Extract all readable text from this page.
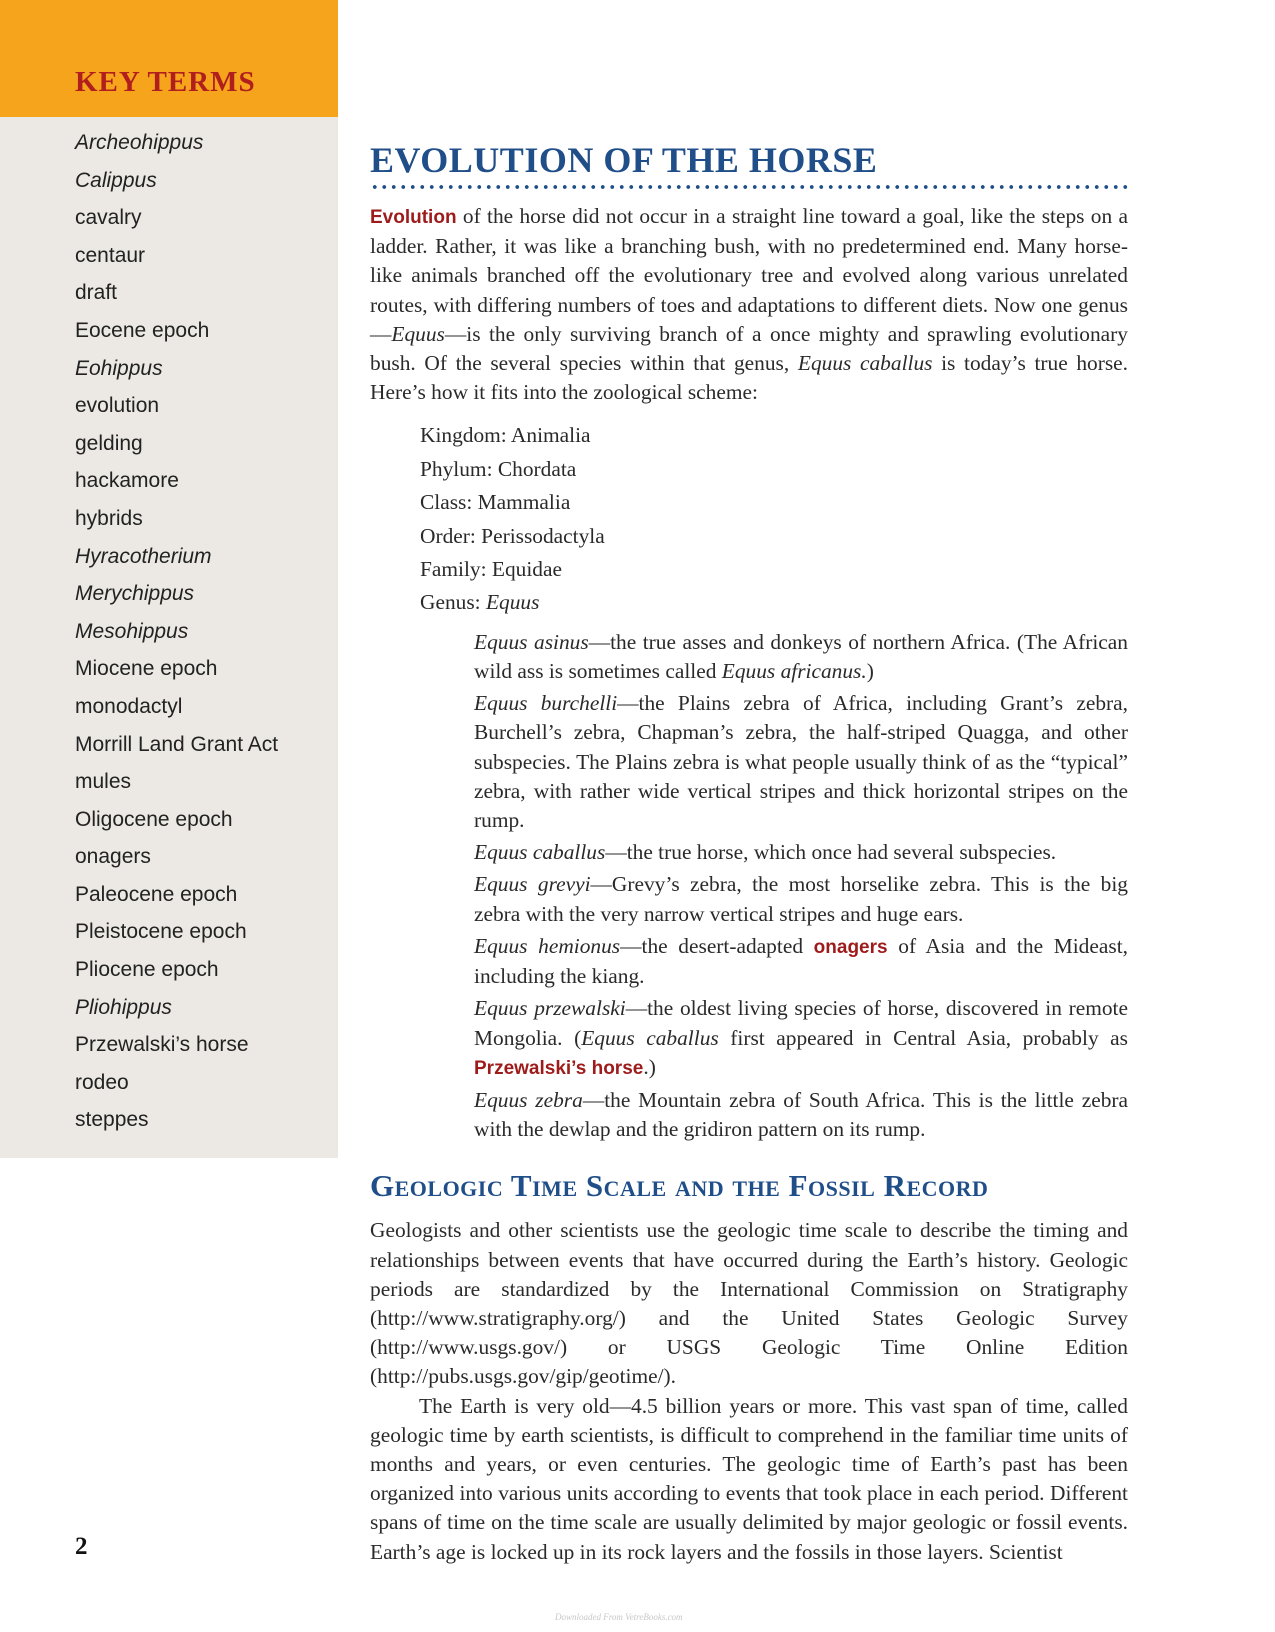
KEY TERMS
Archeohippus
Calippus
cavalry
centaur
draft
Eocene epoch
Eohippus
evolution
gelding
hackamore
hybrids
Hyracotherium
Merychippus
Mesohippus
Miocene epoch
monodactyl
Morrill Land Grant Act
mules
Oligocene epoch
onagers
Paleocene epoch
Pleistocene epoch
Pliocene epoch
Pliohippus
Przewalski’s horse
rodeo
steppes
2
EVOLUTION OF THE HORSE

Evolution of the horse did not occur in a straight line toward a goal, like the steps on a ladder. Rather, it was like a branching bush, with no predetermined end. Many horse-like animals branched off the evolutionary tree and evolved along various unrelated routes, with differing numbers of toes and adaptations to different diets. Now one genus—Equus—is the only surviving branch of a once mighty and sprawling evolutionary bush. Of the several species within that genus, Equus caballus is today’s true horse. Here’s how it fits into the zoological scheme:

Kingdom: Animalia
Phylum: Chordata
Class: Mammalia
Order: Perissodactyla
Family: Equidae
Genus: Equus

Equus asinus—the true asses and donkeys of northern Africa. (The African wild ass is sometimes called Equus africanus.)

Equus burchelli—the Plains zebra of Africa, including Grant’s zebra, Burchell’s zebra, Chapman’s zebra, the half-striped Quagga, and other subspecies. The Plains zebra is what people usually think of as the “typical” zebra, with rather wide vertical stripes and thick horizontal stripes on the rump.

Equus caballus—the true horse, which once had several subspecies.

Equus grevyi—Grevy’s zebra, the most horselike zebra. This is the big zebra with the very narrow vertical stripes and huge ears.

Equus hemionus—the desert-adapted onagers of Asia and the Mideast, including the kiang.

Equus przewalski—the oldest living species of horse, discovered in remote Mongolia. (Equus caballus first appeared in Central Asia, probably as Przewalski’s horse.)

Equus zebra—the Mountain zebra of South Africa. This is the little zebra with the dewlap and the gridiron pattern on its rump.

Geologic Time Scale and the Fossil Record

Geologists and other scientists use the geologic time scale to describe the timing and relationships between events that have occurred during the Earth’s history. Geologic periods are standardized by the International Commission on Stratigraphy (http://www.stratigraphy.org/) and the United States Geologic Survey (http://www.usgs.gov/) or USGS Geologic Time Online Edition (http://pubs.usgs.gov/gip/geotime/).

The Earth is very old—4.5 billion years or more. This vast span of time, called geologic time by earth scientists, is difficult to comprehend in the familiar time units of months and years, or even centuries. The geologic time of Earth’s past has been organized into various units according to events that took place in each period. Different spans of time on the time scale are usually delimited by major geologic or fossil events. Earth’s age is locked up in its rock layers and the fossils in those layers. Scientist

Downloaded From VetreBooks.com
